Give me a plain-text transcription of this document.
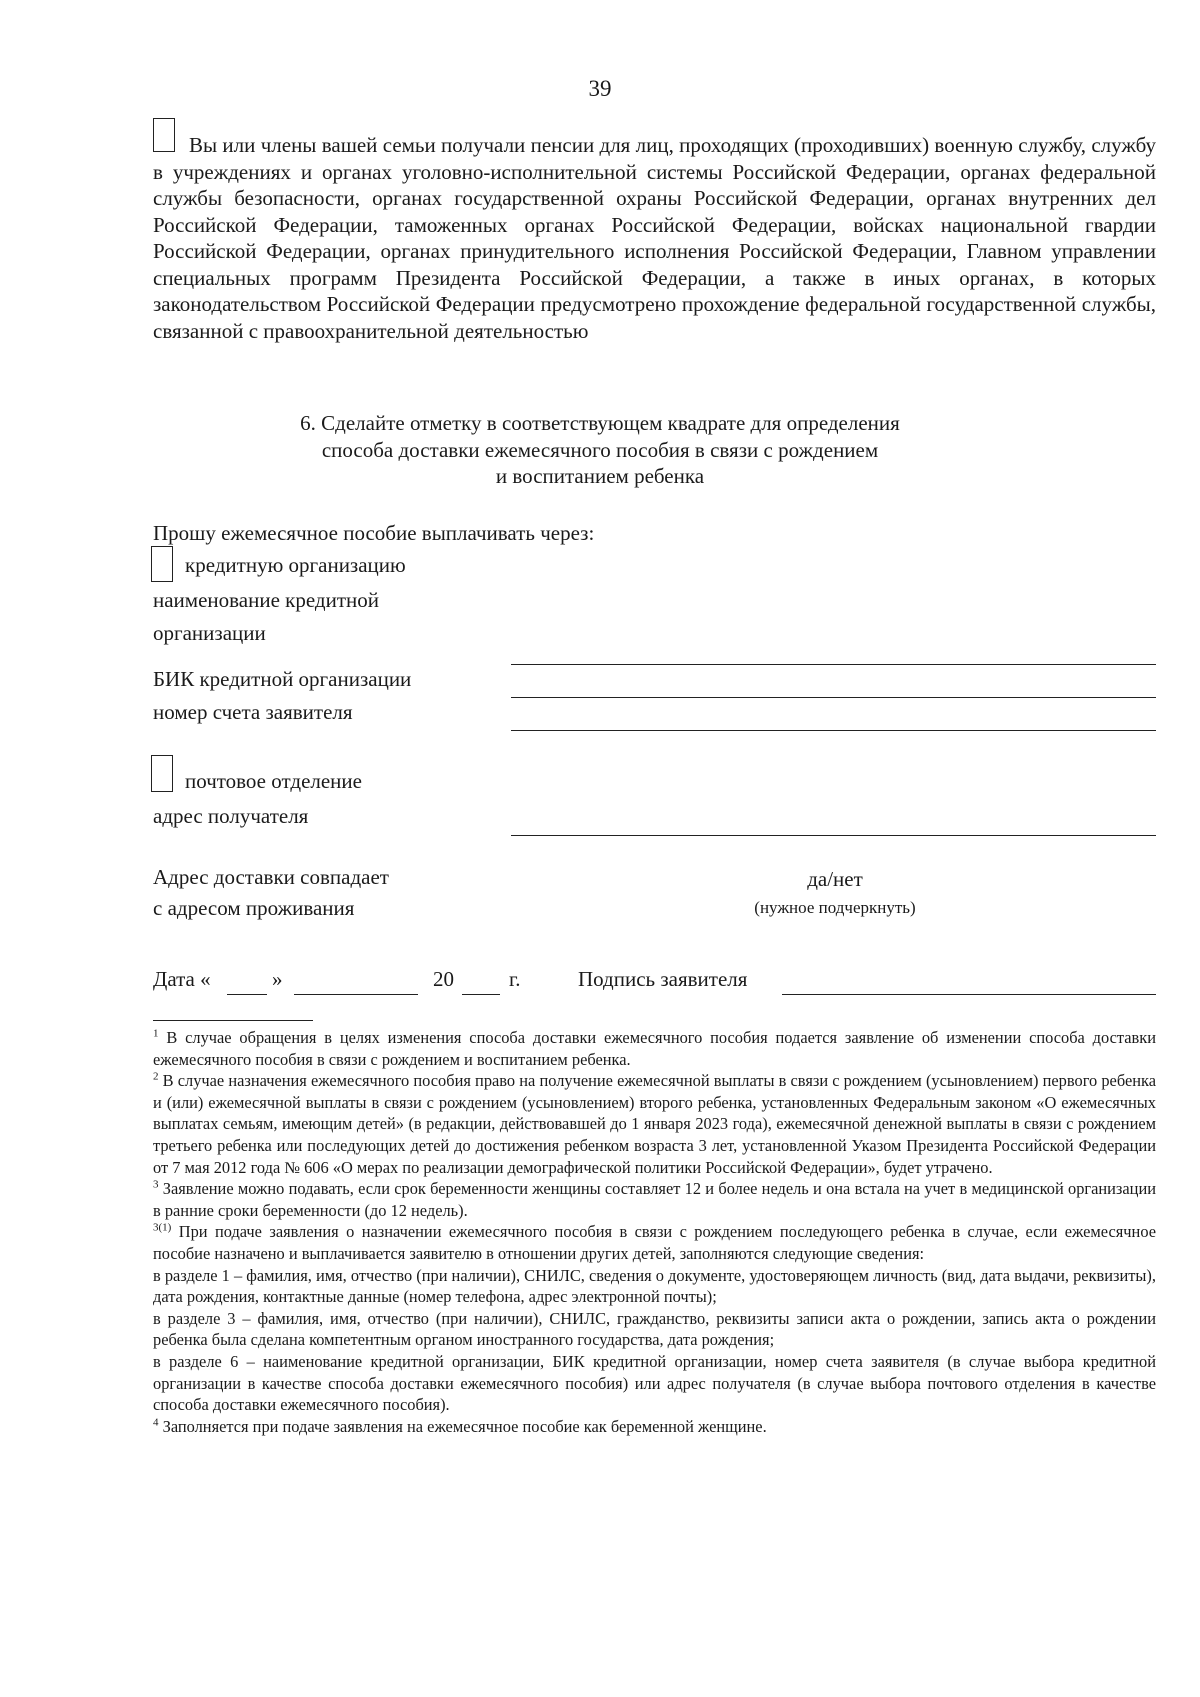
39
Вы или члены вашей семьи получали пенсии для лиц, проходящих (проходивших) военную службу, службу в учреждениях и органах уголовно-исполнительной системы Российской Федерации, органах федеральной службы безопасности, органах государственной охраны Российской Федерации, органах внутренних дел Российской Федерации, таможенных органах Российской Федерации, войсках национальной гвардии Российской Федерации, органах принудительного исполнения Российской Федерации, Главном управлении специальных программ Президента Российской Федерации, а также в иных органах, в которых законодательством Российской Федерации предусмотрено прохождение федеральной государственной службы, связанной с правоохранительной деятельностью
6. Сделайте отметку в соответствующем квадрате для определения
способа доставки ежемесячного пособия в связи с рождением
и воспитанием ребенка
Прошу ежемесячное пособие выплачивать через:
кредитную организацию
наименование кредитной
организации
БИК кредитной организации
номер счета заявителя
почтовое отделение
адрес получателя
Адрес доставки совпадает
с адресом проживания
да/нет
(нужное подчеркнуть)
Дата «	»	20	г.	Подпись заявителя

$^1$ В случае обращения в целях изменения способа доставки ежемесячного пособия подается заявление об изменении способа доставки ежемесячного пособия в связи с рождением и воспитанием ребенка.

$^2$ В случае назначения ежемесячного пособия право на получение ежемесячной выплаты в связи с рождением (усыновлением) первого ребенка и (или) ежемесячной выплаты в связи с рождением (усыновлением) второго ребенка, установленных Федеральным законом «О ежемесячных выплатах семьям, имеющим детей» (в редакции, действовавшей до 1 января 2023 года), ежемесячной денежной выплаты в связи с рождением третьего ребенка или последующих детей до достижения ребенком возраста 3 лет, установленной Указом Президента Российской Федерации от 7 мая 2012 года № 606 «О мерах по реализации демографической политики Российской Федерации», будет утрачено.

$^3$ Заявление можно подавать, если срок беременности женщины составляет 12 и более недель и она встала на учет в медицинской организации в ранние сроки беременности (до 12 недель).

$^{3(1)}$ При подаче заявления о назначении ежемесячного пособия в связи с рождением последующего ребенка в случае, если ежемесячное пособие назначено и выплачивается заявителю в отношении других детей, заполняются следующие сведения:

в разделе 1 – фамилия, имя, отчество (при наличии), СНИЛС, сведения о документе, удостоверяющем личность (вид, дата выдачи, реквизиты), дата рождения, контактные данные (номер телефона, адрес электронной почты);

в разделе 3 – фамилия, имя, отчество (при наличии), СНИЛС, гражданство, реквизиты записи акта о рождении, запись акта о рождении ребенка была сделана компетентным органом иностранного государства, дата рождения;

в разделе 6 – наименование кредитной организации, БИК кредитной организации, номер счета заявителя (в случае выбора кредитной организации в качестве способа доставки ежемесячного пособия) или адрес получателя (в случае выбора почтового отделения в качестве способа доставки ежемесячного пособия).

$^4$ Заполняется при подаче заявления на ежемесячное пособие как беременной женщине.
